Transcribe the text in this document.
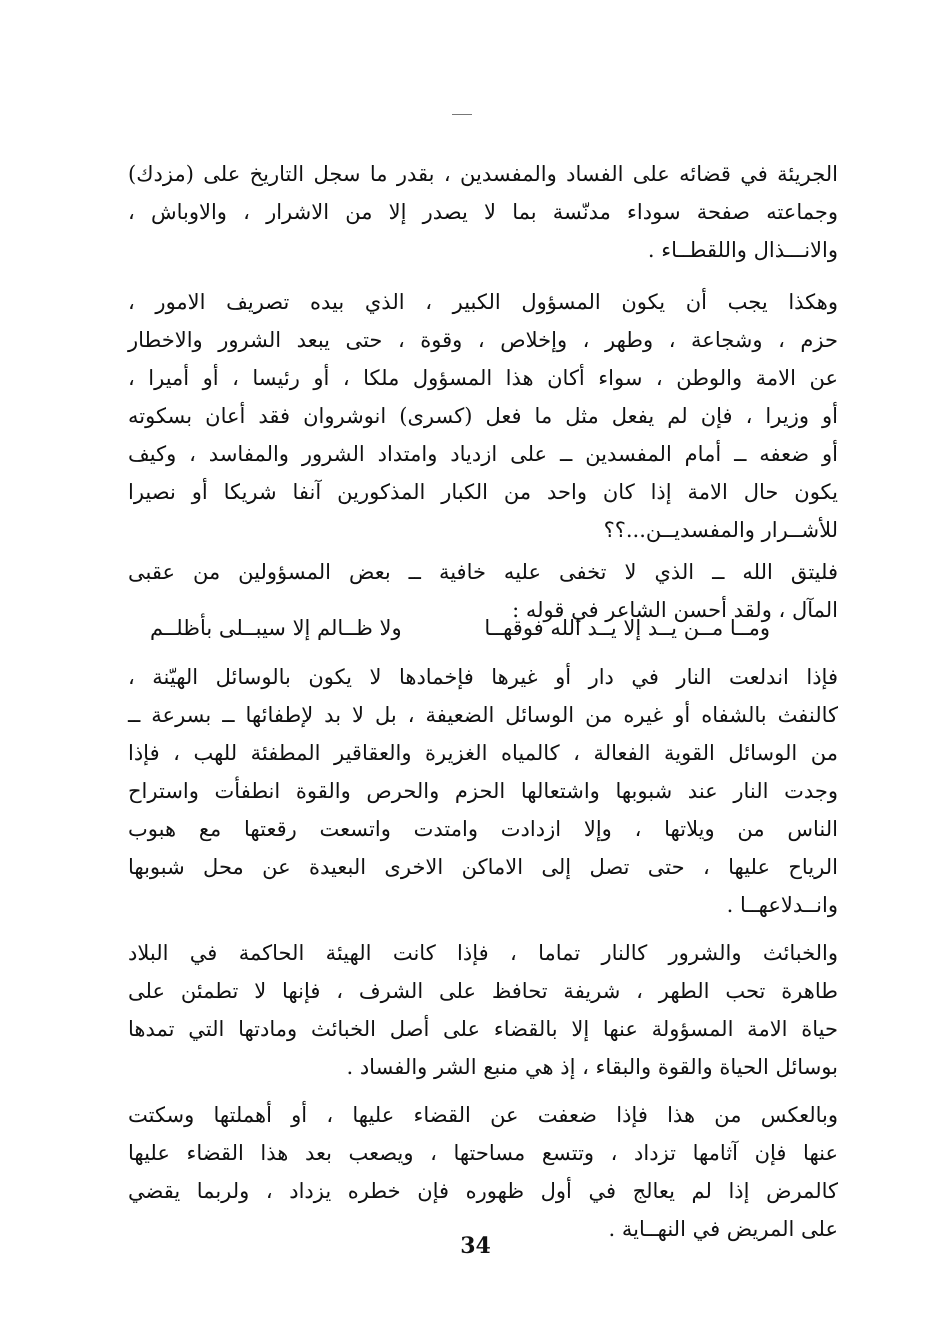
الجريئة في قضائه على الفساد والمفسدين ، بقدر ما سجل التاريخ على (مزدك)
وجماعته صفحة سوداء مدنّسة بما لا يصدر إلا من الاشرار ، والاوباش ،
والانـــذال واللقطــاء .

وهكذا يجب أن يكون المسؤول الكبير ، الذي بيده تصريف الامور ،
حزم ، وشجاعة ، وطهر ، وإخلاص ، وقوة ، حتى يبعد الشرور والاخطار
عن الامة والوطن ، سواء أكان هذا المسؤول ملكا ، أو رئيسا ، أو أميرا ،
أو وزيرا ، فإن لم يفعل مثل ما فعل (كسرى) انوشروان فقد أعان بسكوته
أو ضعفه ــ أمام المفسدين ــ على ازدياد وامتداد الشرور والمفاسد ، وكيف
يكون حال الامة إذا كان واحد من الكبار المذكورين آنفا شريكا أو نصيرا
للأشــرار والمفسديــن...؟؟

فليتق الله ــ الذي لا تخفى عليه خافية ــ بعض المسؤولين من عقبى
المآل ، ولقد أحسن الشاعر في قوله :

ومــا مــن يــد إلا يــد الله فوقهــا
ولا ظــالم إلا سيبــلى بأظلــم

فإذا اندلعت النار في دار أو غيرها فإخمادها لا يكون بالوسائل الهيّنة ،
كالنفث بالشفاه أو غيره من الوسائل الضعيفة ، بل لا بد لإطفائها ــ بسرعة ــ
من الوسائل القوية الفعالة ، كالمياه الغزيرة والعقاقير المطفئة للهب ، فإذا
وجدت النار عند شبوبها واشتعالها الحزم والحرص والقوة انطفأت واستراح
الناس من ويلاتها ، وإلا ازدادت وامتدت واتسعت رقعتها مع هبوب
الرياح عليها ، حتى تصل إلى الاماكن الاخرى البعيدة عن محل شبوبها
وانــدلاعهــا .

والخبائث والشرور كالنار تماما ، فإذا كانت الهيئة الحاكمة في البلاد
طاهرة تحب الطهر ، شريفة تحافظ على الشرف ، فإنها لا تطمئن على
حياة الامة المسؤولة عنها إلا بالقضاء على أصل الخبائث ومادتها التي تمدها
بوسائل الحياة والقوة والبقاء ، إذ هي منبع الشر والفساد .

وبالعكس من هذا فإذا ضعفت عن القضاء عليها ، أو أهملتها وسكتت
عنها فإن آثامها تزداد ، وتتسع مساحتها ، ويصعب بعد هذا القضاء عليها
كالمرض إذا لم يعالج في أول ظهوره فإن خطره يزداد ، ولربما يقضي
على المريض في النهــاية .

34
